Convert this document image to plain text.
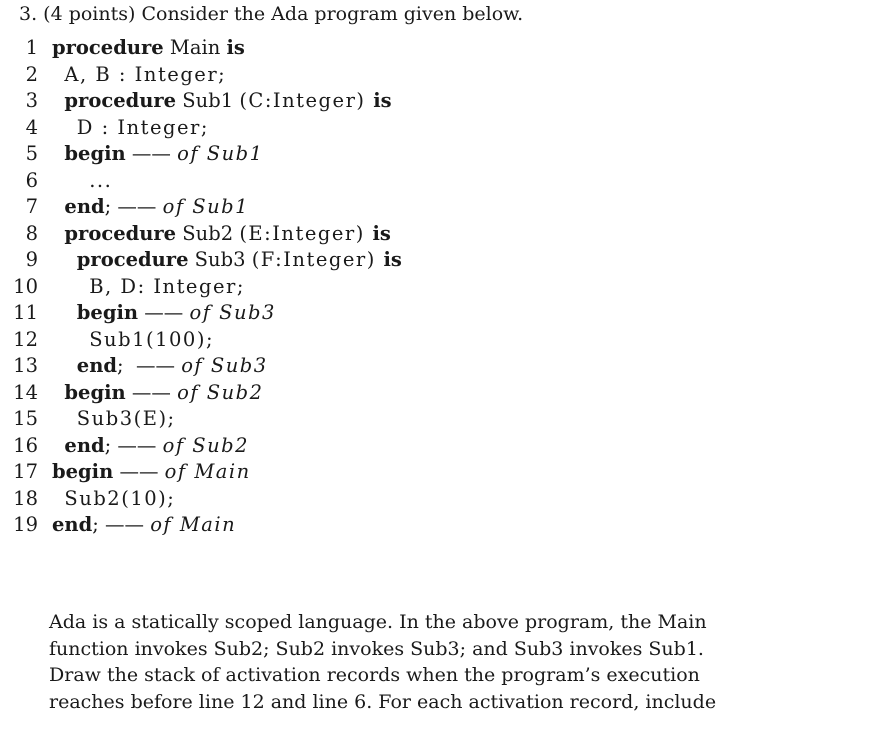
3. (4 points) Consider the Ada program given below.
1 procedure Main is
2	A, B : Integer;
3	procedure Sub1 (C:Integer) is
4	D : Integer;
5	begin —— of Sub1
6	...
7	end; —— of Sub1
8	procedure Sub2 (E:Integer) is
9	procedure Sub3 (F:Integer) is
10	B, D: Integer;
11	begin —— of Sub3
12	Sub1(100);
13	end;  —— of Sub3
14	begin —— of Sub2
15	Sub3(E);
16	end; —— of Sub2
17 begin —— of Main
18	Sub2(10);
19 end; —— of Main
Ada is a statically scoped language. In the above program, the Main
function invokes Sub2; Sub2 invokes Sub3; and Sub3 invokes Sub1.
Draw the stack of activation records when the program’s execution
reaches before line 12 and line 6. For each activation record, include
